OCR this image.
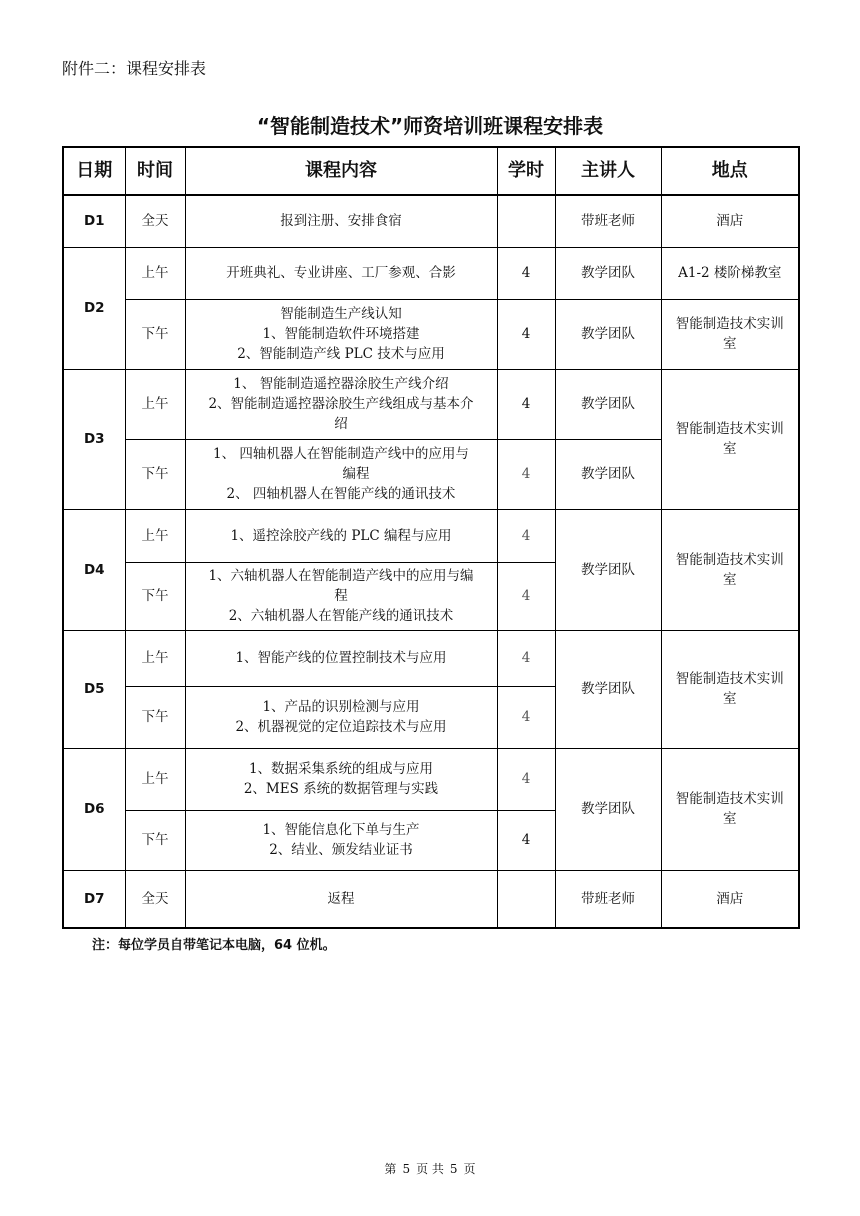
附件二：课程安排表
“智能制造技术”师资培训班课程安排表
日期	时间	课程内容	学时	主讲人	地点
D1	全天	报到注册、安排食宿		带班老师	酒店
D2	上午	开班典礼、专业讲座、工厂参观、合影	4	教学团队	A1-2 楼阶梯教室
	下午	智能制造生产线认知
1、智能制造软件环境搭建
2、智能制造产线 PLC 技术与应用	4	教学团队	智能制造技术实训室
D3	上午	1、 智能制造遥控器涂胶生产线介绍
2、智能制造遥控器涂胶生产线组成与基本介
绍	4	教学团队	智能制造技术实训室
	下午	1、 四轴机器人在智能制造产线中的应用与
编程
2、 四轴机器人在智能产线的通讯技术	4	教学团队	
D4	上午	1、遥控涂胶产线的 PLC 编程与应用	4	教学团队	智能制造技术实训室
	下午	1、六轴机器人在智能制造产线中的应用与编
程
2、六轴机器人在智能产线的通讯技术	4		
D5	上午	1、智能产线的位置控制技术与应用	4	教学团队	智能制造技术实训室
	下午	1、产品的识别检测与应用
2、机器视觉的定位追踪技术与应用	4		
D6	上午	1、数据采集系统的组成与应用
2、MES 系统的数据管理与实践	4	教学团队	智能制造技术实训室
	下午	1、智能信息化下单与生产
2、结业、颁发结业证书	4		
D7	全天	返程		带班老师	酒店
注：每位学员自带笔记本电脑，64 位机。
第 5 页 共 5 页
